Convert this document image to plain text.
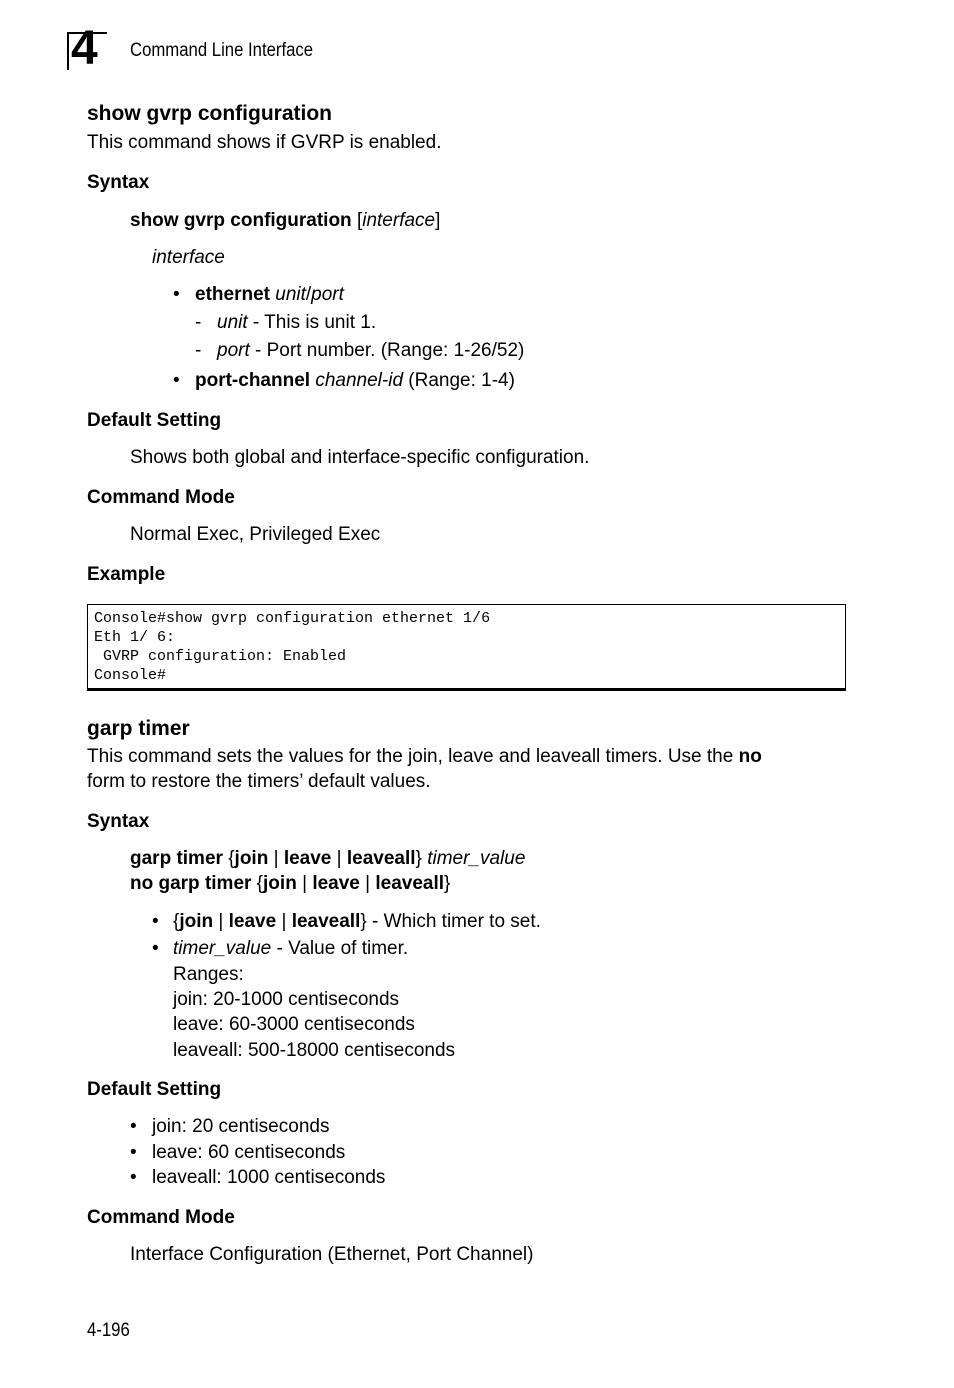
4 Command Line Interface
show gvrp configuration
This command shows if GVRP is enabled.
Syntax
show gvrp configuration [interface]
interface
• ethernet unit/port
- unit - This is unit 1.
- port - Port number. (Range: 1-26/52)
• port-channel channel-id (Range: 1-4)
Default Setting
Shows both global and interface-specific configuration.
Command Mode
Normal Exec, Privileged Exec
Example
Console#show gvrp configuration ethernet 1/6
Eth 1/ 6:
GVRP configuration: Enabled
Console#
garp timer
This command sets the values for the join, leave and leaveall timers. Use the no
form to restore the timers’ default values.
Syntax
garp timer {join | leave | leaveall} timer_value
no garp timer {join | leave | leaveall}
• {join | leave | leaveall} - Which timer to set.
• timer_value - Value of timer.
Ranges:
join: 20-1000 centiseconds
leave: 60-3000 centiseconds
leaveall: 500-18000 centiseconds
Default Setting
• join: 20 centiseconds
• leave: 60 centiseconds
• leaveall: 1000 centiseconds
Command Mode
Interface Configuration (Ethernet, Port Channel)
4-196
